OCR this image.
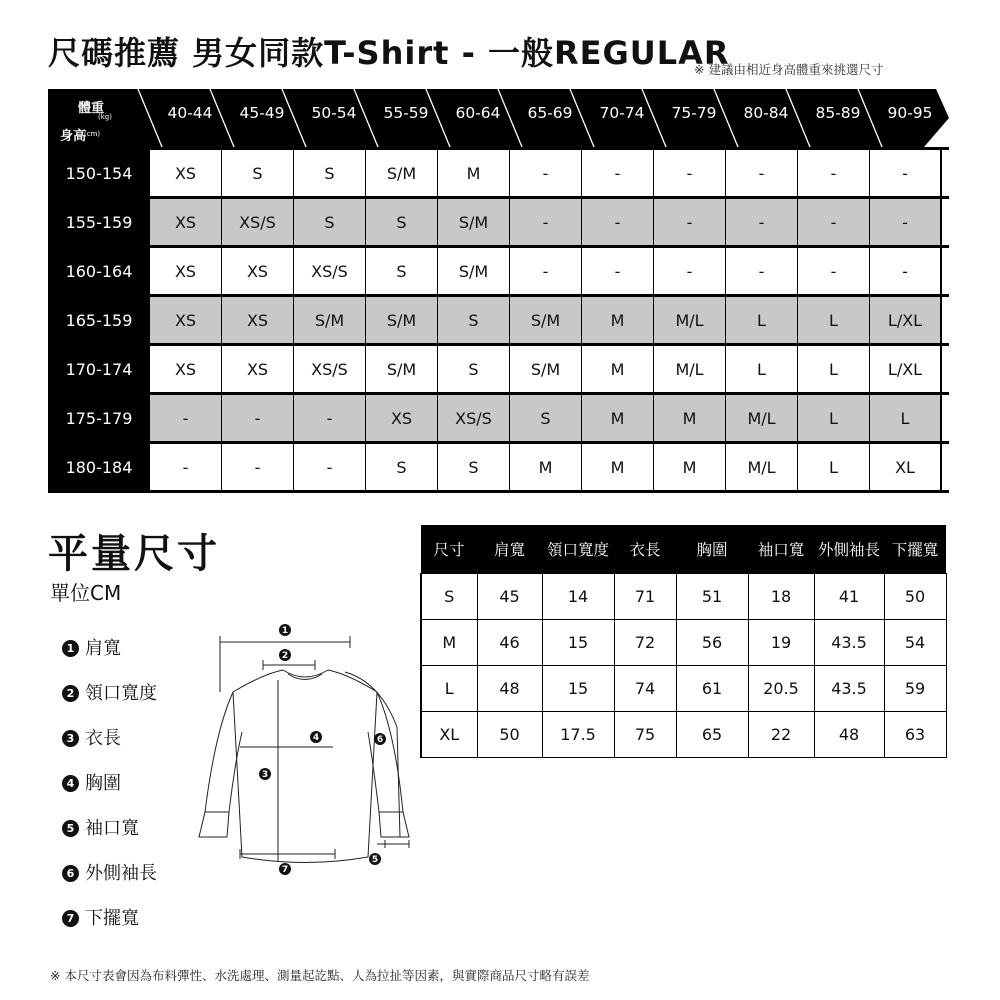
尺碼推薦 男女同款T-Shirt - 一般REGULAR
※ 建議由相近身高體重來挑選尺寸
體重
(kg)
身高
(cm)
40-44	45-49	50-54	55-59	60-64	65-69	70-74	75-79	80-84	85-89	90-95
150-154	XS	S	S	S/M	M	-	-	-	-	-	-
155-159	XS	XS/S	S	S	S/M	-	-	-	-	-	-
160-164	XS	XS	XS/S	S	S/M	-	-	-	-	-	-
165-159	XS	XS	S/M	S/M	S	S/M	M	M/L	L	L	L/XL
170-174	XS	XS	XS/S	S/M	S	S/M	M	M/L	L	L	L/XL
175-179	-	-	-	XS	XS/S	S	M	M	M/L	L	L
180-184	-	-	-	S	S	M	M	M	M/L	L	XL
平量尺寸
單位CM
1 肩寬
2 領口寬度
3 衣長
4 胸圍
5 袖口寬
6 外側袖長
7 下擺寬
尺寸	肩寬	領口寬度	衣長	胸圍	袖口寬	外側袖長	下擺寬
S	45	14	71	51	18	41	50
M	46	15	72	56	19	43.5	54
L	48	15	74	61	20.5	43.5	59
XL	50	17.5	75	65	22	48	63
1
2
3
4
5
6
7
※ 本尺寸表會因為布料彈性、水洗處理、測量起訖點、人為拉扯等因素，與實際商品尺寸略有誤差
